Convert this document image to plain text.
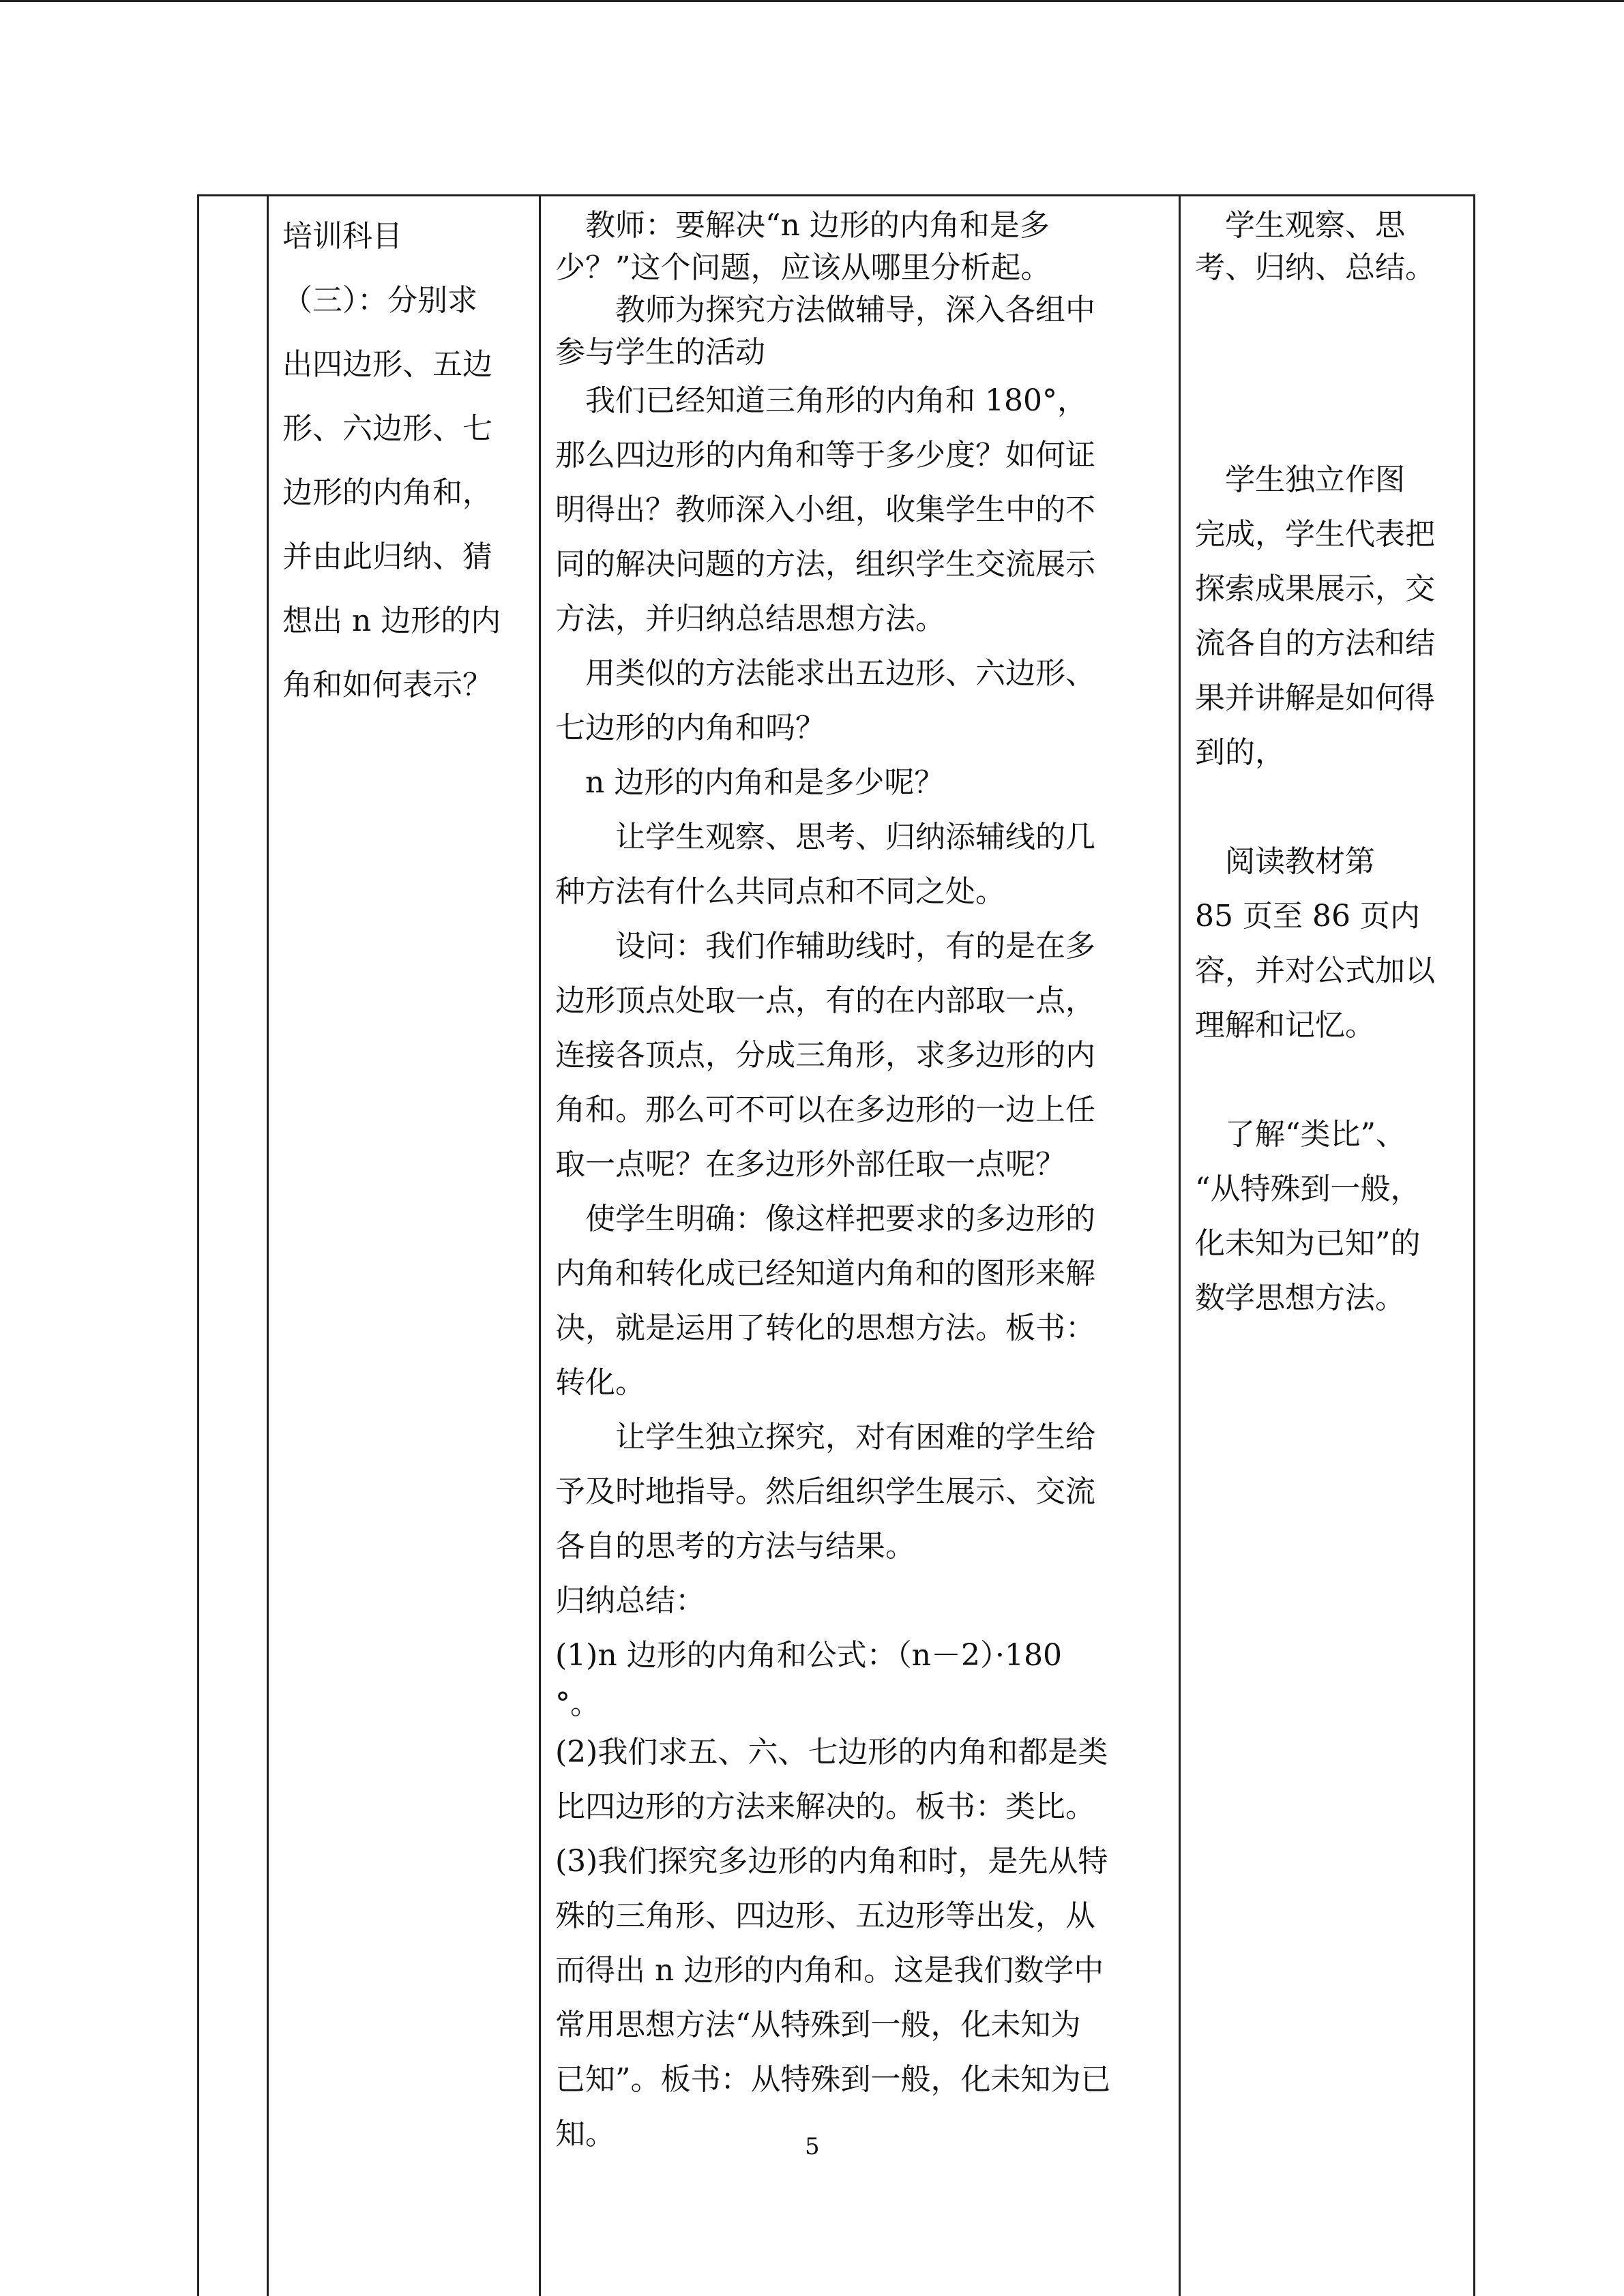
培训科目
（三）：分别求
出四边形、五边
形、六边形、七
边形的内角和，
并由此归纳、猜
想出 n 边形的内
角和如何表示？
　教师：要解决“n 边形的内角和是多
少？”这个问题，应该从哪里分析起。
　　教师为探究方法做辅导，深入各组中
参与学生的活动
　我们已经知道三角形的内角和 180°，
那么四边形的内角和等于多少度？如何证
明得出？教师深入小组，收集学生中的不
同的解决问题的方法，组织学生交流展示
方法，并归纳总结思想方法。
　用类似的方法能求出五边形、六边形、
七边形的内角和吗？
　n 边形的内角和是多少呢？
　　让学生观察、思考、归纳添辅线的几
种方法有什么共同点和不同之处。
　　设问：我们作辅助线时，有的是在多
边形顶点处取一点，有的在内部取一点，
连接各顶点，分成三角形，求多边形的内
角和。那么可不可以在多边形的一边上任
取一点呢？在多边形外部任取一点呢？
　使学生明确：像这样把要求的多边形的
内角和转化成已经知道内角和的图形来解
决，就是运用了转化的思想方法。板书：
转化。
　　让学生独立探究，对有困难的学生给
予及时地指导。然后组织学生展示、交流
各自的思考的方法与结果。
归纳总结：
(1)n 边形的内角和公式：（n－2）·180
°。
(2)我们求五、六、七边形的内角和都是类
比四边形的方法来解决的。板书：类比。
(3)我们探究多边形的内角和时，是先从特
殊的三角形、四边形、五边形等出发，从
而得出 n 边形的内角和。这是我们数学中
常用思想方法“从特殊到一般，化未知为
已知”。板书：从特殊到一般，化未知为已
知。
　学生观察、思
考、归纳、总结。
　学生独立作图
完成，学生代表把
探索成果展示，交
流各自的方法和结
果并讲解是如何得
到的，
　阅读教材第
85 页至 86 页内
容，并对公式加以
理解和记忆。
　了解“类比”、
“从特殊到一般，
化未知为已知”的
数学思想方法。
5
